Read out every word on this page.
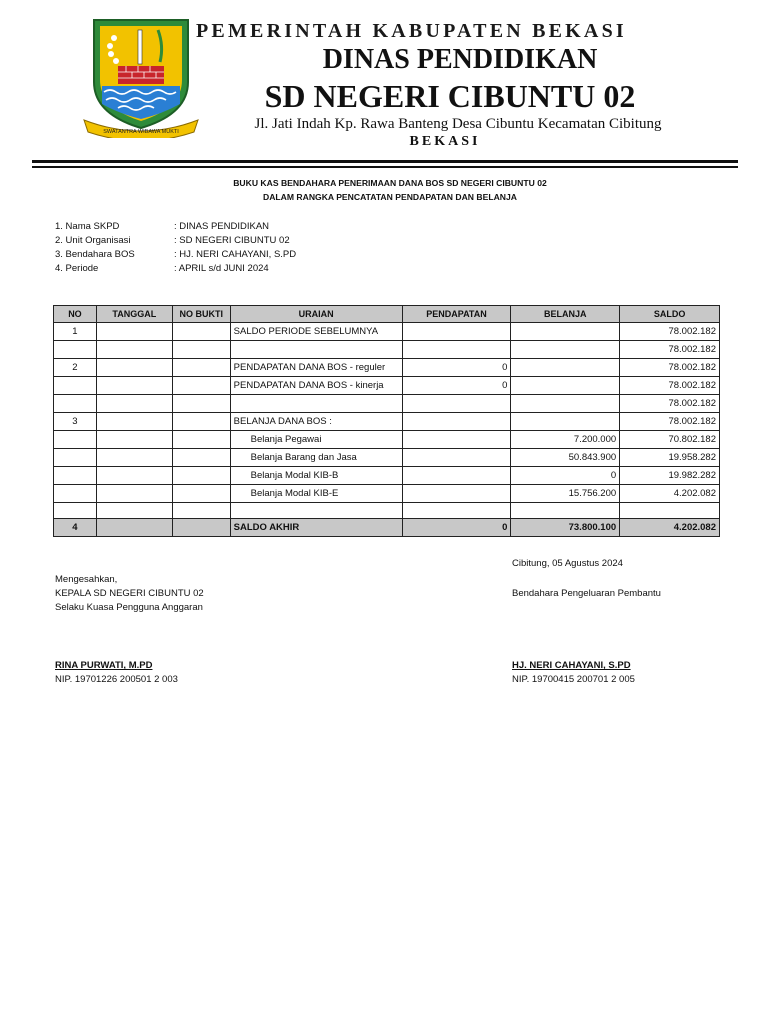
SWATANTRA WIBAWA MUKTI
PEMERINTAH KABUPATEN BEKASI
DINAS PENDIDIKAN
SD NEGERI CIBUNTU 02
Jl. Jati Indah Kp. Rawa Banteng Desa Cibuntu Kecamatan Cibitung
BEKASI
BUKU KAS BENDAHARA PENERIMAAN DANA BOS SD NEGERI CIBUNTU 02
DALAM RANGKA PENCATATAN PENDAPATAN DAN BELANJA
1. Nama SKPD	: DINAS PENDIDIKAN
2. Unit Organisasi	: SD NEGERI CIBUNTU 02
3. Bendahara BOS	: HJ. NERI CAHAYANI, S.PD
4. Periode	: APRIL s/d JUNI 2024
NO	TANGGAL	NO BUKTI	URAIAN	PENDAPATAN	BELANJA	SALDO
1			SALDO PERIODE SEBELUMNYA			78.002.182
						78.002.182
2			PENDAPATAN DANA BOS - reguler	0		78.002.182
			PENDAPATAN DANA BOS - kinerja	0		78.002.182
						78.002.182
3			BELANJA DANA BOS :			78.002.182
			Belanja Pegawai		7.200.000	70.802.182
			Belanja Barang dan Jasa		50.843.900	19.958.282
			Belanja Modal KIB-B		0	19.982.282
			Belanja Modal KIB-E		15.756.200	4.202.082

4			SALDO AKHIR	0	73.800.100	4.202.082
Cibitung, 05 Agustus 2024
Mengesahkan,
KEPALA SD NEGERI CIBUNTU 02
Selaku Kuasa Pengguna Anggaran
Bendahara Pengeluaran Pembantu
RINA PURWATI, M.PD
NIP. 19701226 200501 2 003
HJ. NERI CAHAYANI, S.PD
NIP. 19700415 200701 2 005
